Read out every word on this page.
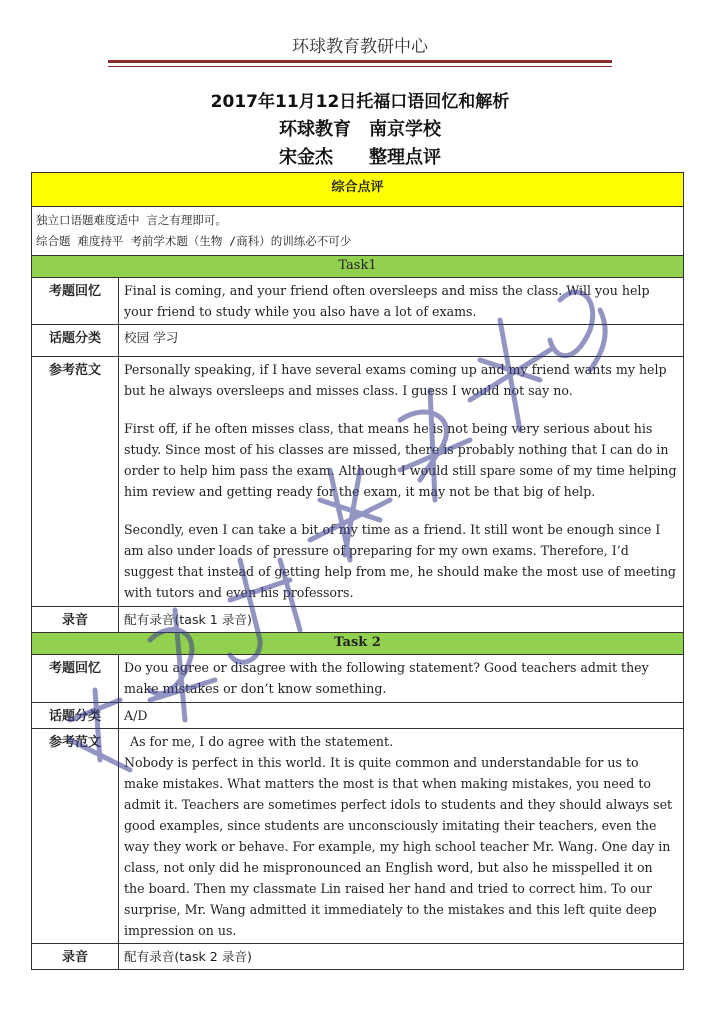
环球教育教研中心
2017年11月12日托福口语回忆和解析
环球教育　南京学校
宋金杰　　整理点评
综合点评	

独立口语题难度适中 言之有理即可。
综合题 难度持平 考前学术题（生物 /商科）的训练必不可少	

Task1	
考题回忆	Final is coming, and your friend often oversleeps and miss the class. Will you help your friend to study while you also have a lot of exams.
话题分类	校园 学习
参考范文	Personally speaking, if I have several exams coming up and my friend wants my help but he always oversleeps and misses class. I guess I would not say no.

First off, if he often misses class, that means he is not being very serious about his study. Since most of his classes are missed, there is probably nothing that I can do in order to help him pass the exam. Although I would still spare some of my time helping him review and getting ready for the exam, it may not be that big of help.

Secondly, even I can take a bit of my time as a friend. It still wont be enough since I am also under loads of pressure of preparing for my own exams. Therefore, I’d suggest that instead of getting help from me, he should make the most use of meeting with tutors and even his professors.

录音	配有录音(task 1 录音)
Task 2	
考题回忆	Do you agree or disagree with the following statement? Good teachers admit they make mistakes or don’t know something.
话题分类	A/D
参考范文	As for me, I do agree with the statement.
Nobody is perfect in this world. It is quite common and understandable for us to make mistakes. What matters the most is that when making mistakes, you need to admit it. Teachers are sometimes perfect idols to students and they should always set good examples, since students are unconsciously imitating their teachers, even the way they work or behave. For example, my high school teacher Mr. Wang. One day in class, not only did he mispronounced an English word, but also he misspelled it on the board. Then my classmate Lin raised her hand and tried to correct him. To our surprise, Mr. Wang admitted it immediately to the mistakes and this left quite deep impression on us.

录音	配有录音(task 2 录音)
